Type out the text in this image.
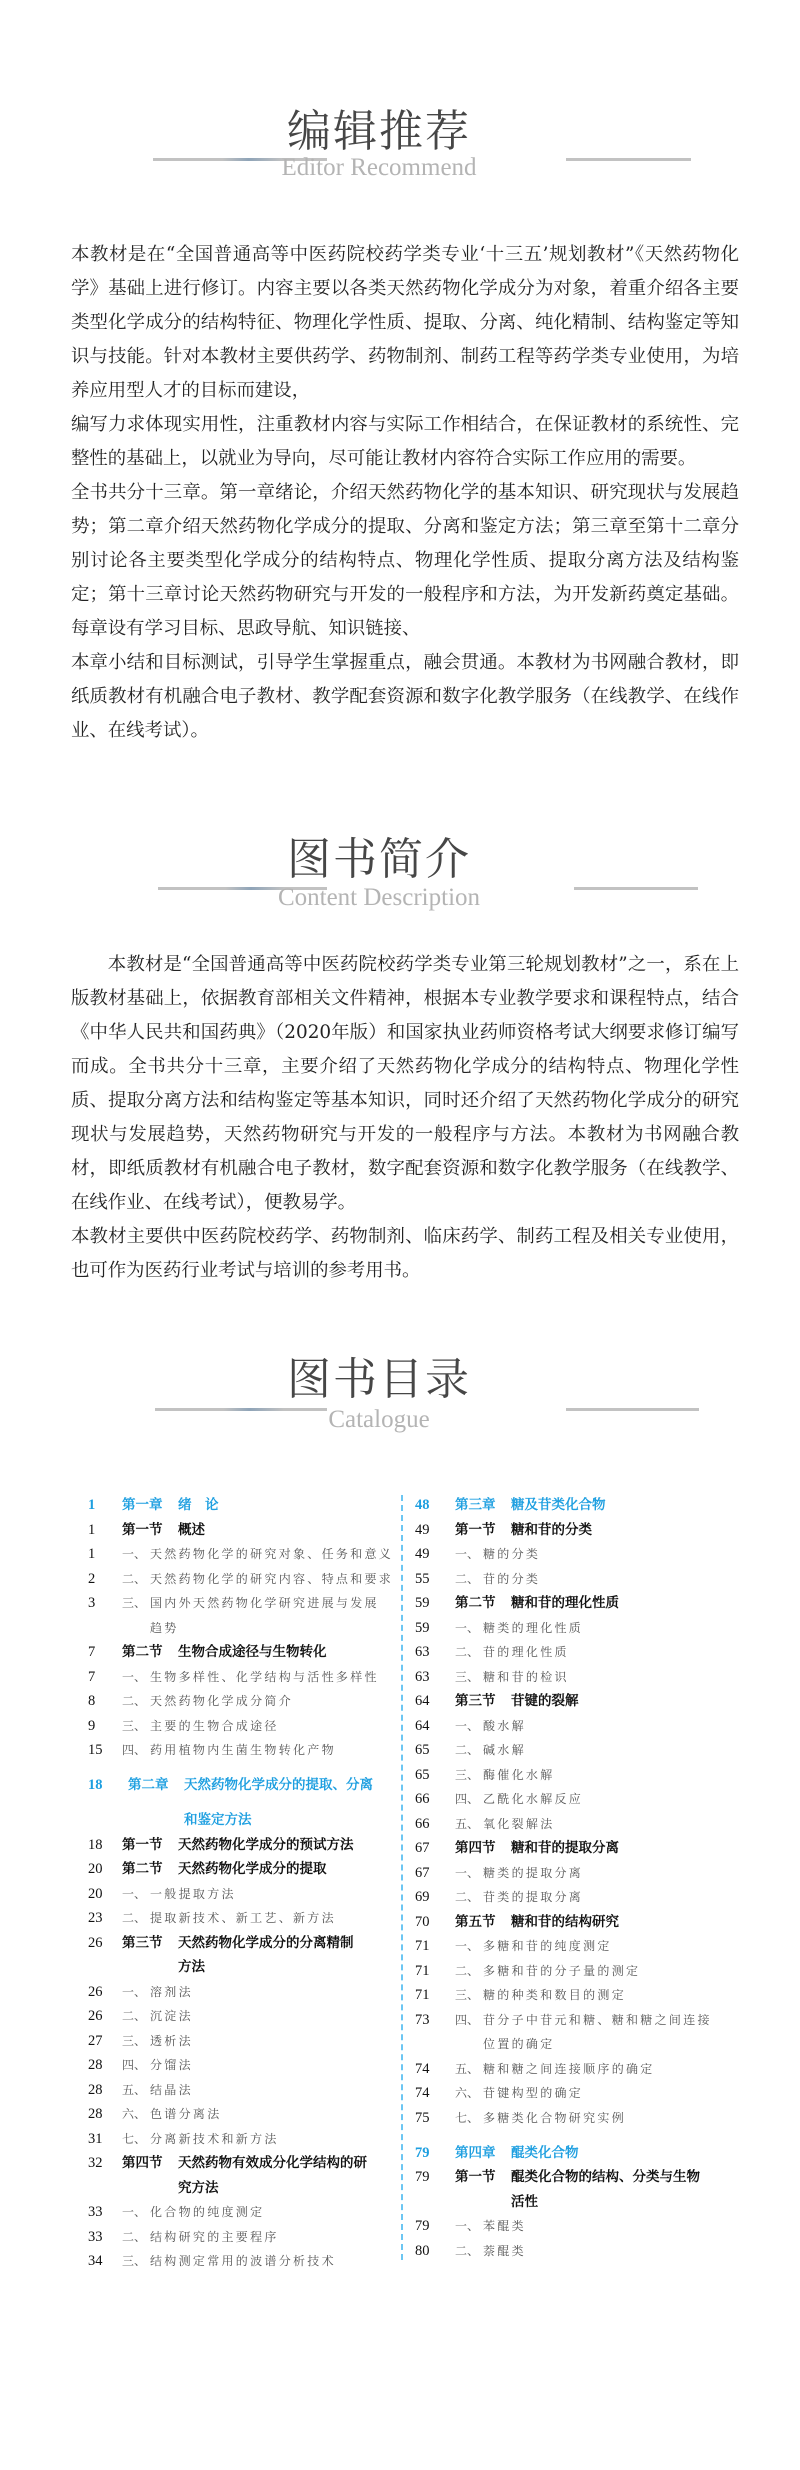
编辑推荐
Editor Recommend

本教材是在“全国普通高等中医药院校药学类专业‘十三五’规划教材”《天然药物化学》基础上进行修订。内容主要以各类天然药物化学成分为对象，着重介绍各主要类型化学成分的结构特征、物理化学性质、提取、分离、纯化精制、结构鉴定等知识与技能。针对本教材主要供药学、药物制剂、制药工程等药学类专业使用，为培养应用型人才的目标而建设，

编写力求体现实用性，注重教材内容与实际工作相结合，在保证教材的系统性、完整性的基础上，以就业为导向，尽可能让教材内容符合实际工作应用的需要。

全书共分十三章。第一章绪论，介绍天然药物化学的基本知识、研究现状与发展趋势；第二章介绍天然药物化学成分的提取、分离和鉴定方法；第三章至第十二章分别讨论各主要类型化学成分的结构特点、物理化学性质、提取分离方法及结构鉴定；第十三章讨论天然药物研究与开发的一般程序和方法，为开发新药奠定基础。每章设有学习目标、思政导航、知识链接、

本章小结和目标测试，引导学生掌握重点，融会贯通。本教材为书网融合教材，即纸质教材有机融合电子教材、教学配套资源和数字化教学服务（在线教学、在线作业、在线考试）。

图书简介
Content Description

本教材是“全国普通高等中医药院校药学类专业第三轮规划教材”之一，系在上版教材基础上，依据教育部相关文件精神，根据本专业教学要求和课程特点，结合《中华人民共和国药典》（2020年版）和国家执业药师资格考试大纲要求修订编写而成。全书共分十三章，主要介绍了天然药物化学成分的结构特点、物理化学性质、提取分离方法和结构鉴定等基本知识，同时还介绍了天然药物化学成分的研究现状与发展趋势，天然药物研究与开发的一般程序与方法。本教材为书网融合教材，即纸质教材有机融合电子教材，数字配套资源和数字化教学服务（在线教学、在线作业、在线考试），便教易学。

本教材主要供中医药院校药学、药物制剂、临床药学、制药工程及相关专业使用，也可作为医药行业考试与培训的参考用书。

图书目录
Catalogue
1 第一章 绪　论
1 第一节 概述
1 一、 天然药物化学的研究对象、任务和意义
2 二、 天然药物化学的研究内容、特点和要求
3 三、 国内外天然药物化学研究进展与发展
趋势
7 第二节 生物合成途径与生物转化
7 一、 生物多样性、化学结构与活性多样性
8 二、 天然药物化学成分简介
9 三、 主要的生物合成途径
15 四、 药用植物内生菌生物转化产物
18 第二章 天然药物化学成分的提取、分离
和鉴定方法
18 第一节 天然药物化学成分的预试方法
20 第二节 天然药物化学成分的提取
20 一、 一般提取方法
23 二、 提取新技术、新工艺、新方法
26 第三节 天然药物化学成分的分离精制
方法
26 一、 溶剂法
26 二、 沉淀法
27 三、 透析法
28 四、 分馏法
28 五、 结晶法
28 六、 色谱分离法
31 七、 分离新技术和新方法
32 第四节 天然药物有效成分化学结构的研
究方法
33 一、 化合物的纯度测定
33 二、 结构研究的主要程序
34 三、 结构测定常用的波谱分析技术
48 第三章 糖及苷类化合物
49 第一节 糖和苷的分类
49 一、 糖的分类
55 二、 苷的分类
59 第二节 糖和苷的理化性质
59 一、 糖类的理化性质
63 二、 苷的理化性质
63 三、 糖和苷的检识
64 第三节 苷键的裂解
64 一、 酸水解
65 二、 碱水解
65 三、 酶催化水解
66 四、 乙酰化水解反应
66 五、 氧化裂解法
67 第四节 糖和苷的提取分离
67 一、 糖类的提取分离
69 二、 苷类的提取分离
70 第五节 糖和苷的结构研究
71 一、 多糖和苷的纯度测定
71 二、 多糖和苷的分子量的测定
71 三、 糖的种类和数目的测定
73 四、 苷分子中苷元和糖、糖和糖之间连接
位置的确定
74 五、 糖和糖之间连接顺序的确定
74 六、 苷键构型的确定
75 七、 多糖类化合物研究实例
79 第四章 醌类化合物
79 第一节 醌类化合物的结构、分类与生物
活性
79 一、 苯醌类
80 二、 萘醌类
